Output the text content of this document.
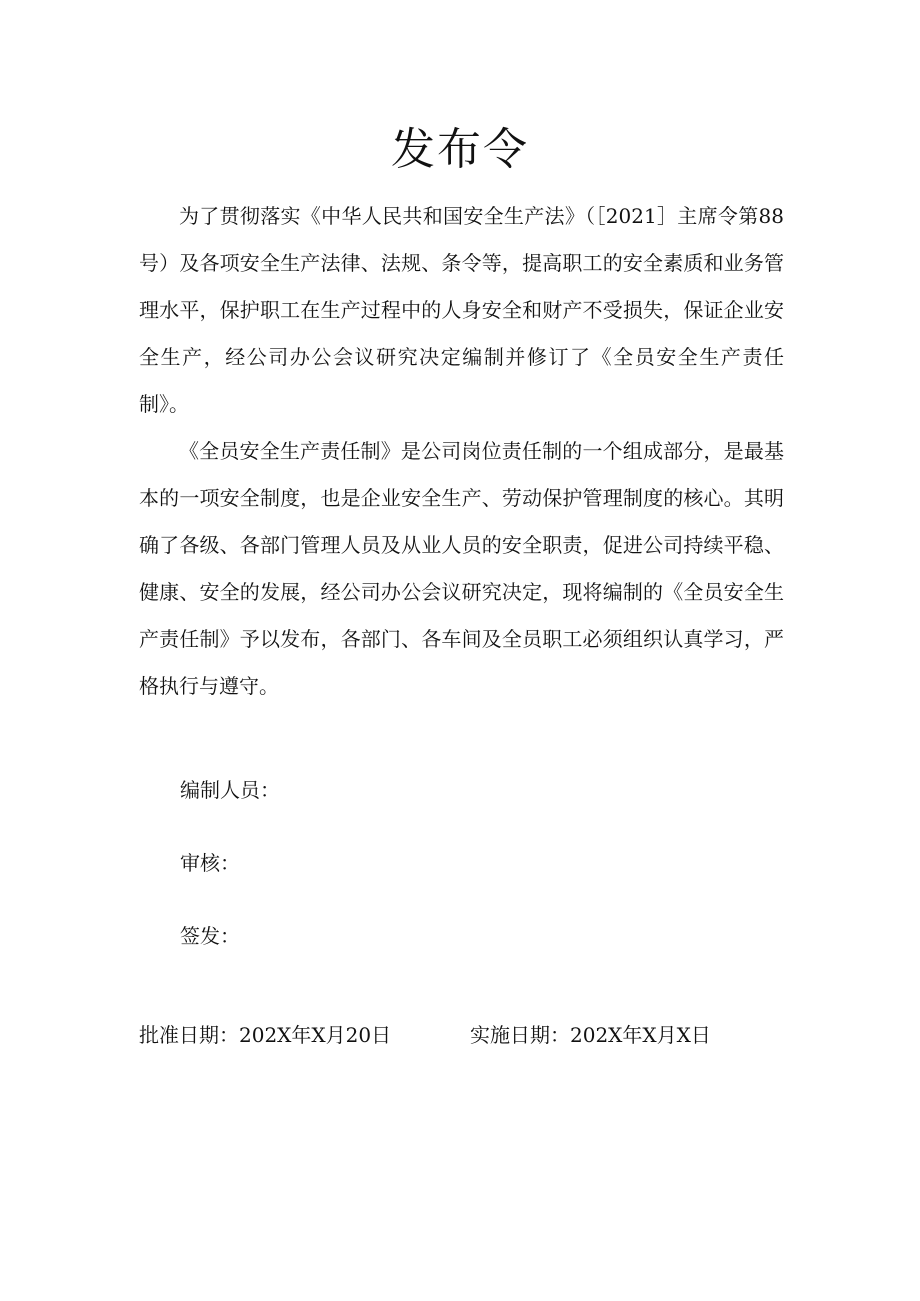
发布令

为了贯彻落实《中华人民共和国安全生产法》（［2021］主席令第88号）及各项安全生产法律、法规、条令等，提高职工的安全素质和业务管理水平，保护职工在生产过程中的人身安全和财产不受损失，保证企业安全生产，经公司办公会议研究决定编制并修订了《全员安全生产责任制》。

《全员安全生产责任制》是公司岗位责任制的一个组成部分，是最基本的一项安全制度，也是企业安全生产、劳动保护管理制度的核心。其明确了各级、各部门管理人员及从业人员的安全职责，促进公司持续平稳、健康、安全的发展，经公司办公会议研究决定，现将编制的《全员安全生产责任制》予以发布，各部门、各车间及全员职工必须组织认真学习，严格执行与遵守。

编制人员：
审核：
签发：
批准日期：202X年X月20日	实施日期：202X年X月X日
